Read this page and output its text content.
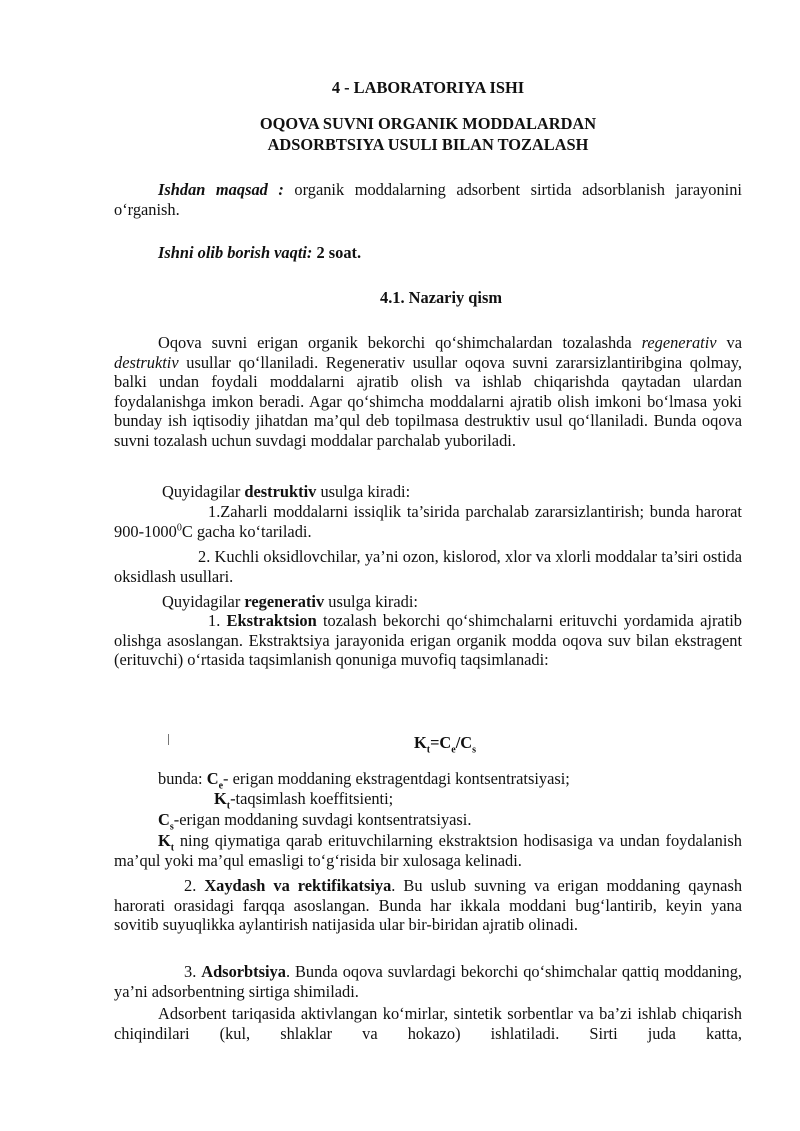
4 - LABORATORIYA ISHI
OQOVA SUVNI ORGANIK MODDALARDAN
ADSORBTSIYA USULI BILAN TOZALASH

Ishdan maqsad : organik moddalarning adsorbent sirtida adsorblanish jarayonini o‘rganish.

Ishni olib borish vaqti: 2 soat.

4.1. Nazariy qism

Oqova suvni erigan organik bekorchi qo‘shimchalardan tozalashda regenerativ va destruktiv usullar qo‘llaniladi. Regenerativ usullar oqova suvni zararsizlantiribgina qolmay, balki undan foydali moddalarni ajratib olish va ishlab chiqarishda qaytadan ulardan foydalanishga imkon beradi. Agar qo‘shimcha moddalarni ajratib olish imkoni bo‘lmasa yoki bunday ish iqtisodiy jihatdan ma’qul deb topilmasa destruktiv usul qo‘llaniladi. Bunda oqova suvni tozalash uchun suvdagi moddalar parchalab yuboriladi.

Quyidagilar destruktiv usulga kiradi:

1.Zaharli moddalarni issiqlik ta’sirida parchalab zararsizlantirish; bunda harorat 900-1000$^0$C gacha ko‘tariladi.

2. Kuchli oksidlovchilar, ya’ni ozon, kislorod, xlor va xlorli moddalar ta’siri ostida oksidlash usullari.

Quyidagilar regenerativ usulga kiradi:

1. Ekstraktsion tozalash bekorchi qo‘shimchalarni erituvchi yordamida ajratib olishga asoslangan. Ekstraktsiya jarayonida erigan organik modda oqova suv bilan ekstragent (erituvchi) o‘rtasida taqsimlanish qonuniga muvofiq taqsimlanadi:

$K_t=C_e/C_s$
bunda: $C_e-$ erigan moddaning ekstragentdagi kontsentratsiyasi;
$K_t$-taqsimlash koeffitsienti;
$C_s$-erigan moddaning suvdagi kontsentratsiyasi.

$K_t$ ning qiymatiga qarab erituvchilarning ekstraktsion hodisasiga va undan foydalanish ma’qul yoki ma’qul emasligi to‘g‘risida bir xulosaga kelinadi.

2. Xaydash va rektifikatsiya. Bu uslub suvning va erigan moddaning qaynash harorati orasidagi farqqa asoslangan. Bunda har ikkala moddani bug‘lantirib, keyin yana sovitib suyuqlikka aylantirish natijasida ular bir-biridan ajratib olinadi.

3. Adsorbtsiya. Bunda oqova suvlardagi bekorchi qo‘shimchalar qattiq moddaning, ya’ni adsorbentning sirtiga shimiladi.

Adsorbent tariqasida aktivlangan ko‘mirlar, sintetik sorbentlar va ba’zi ishlab chiqarish chiqindilari (kul, shlaklar va hokazo) ishlatiladi. Sirti juda katta,
